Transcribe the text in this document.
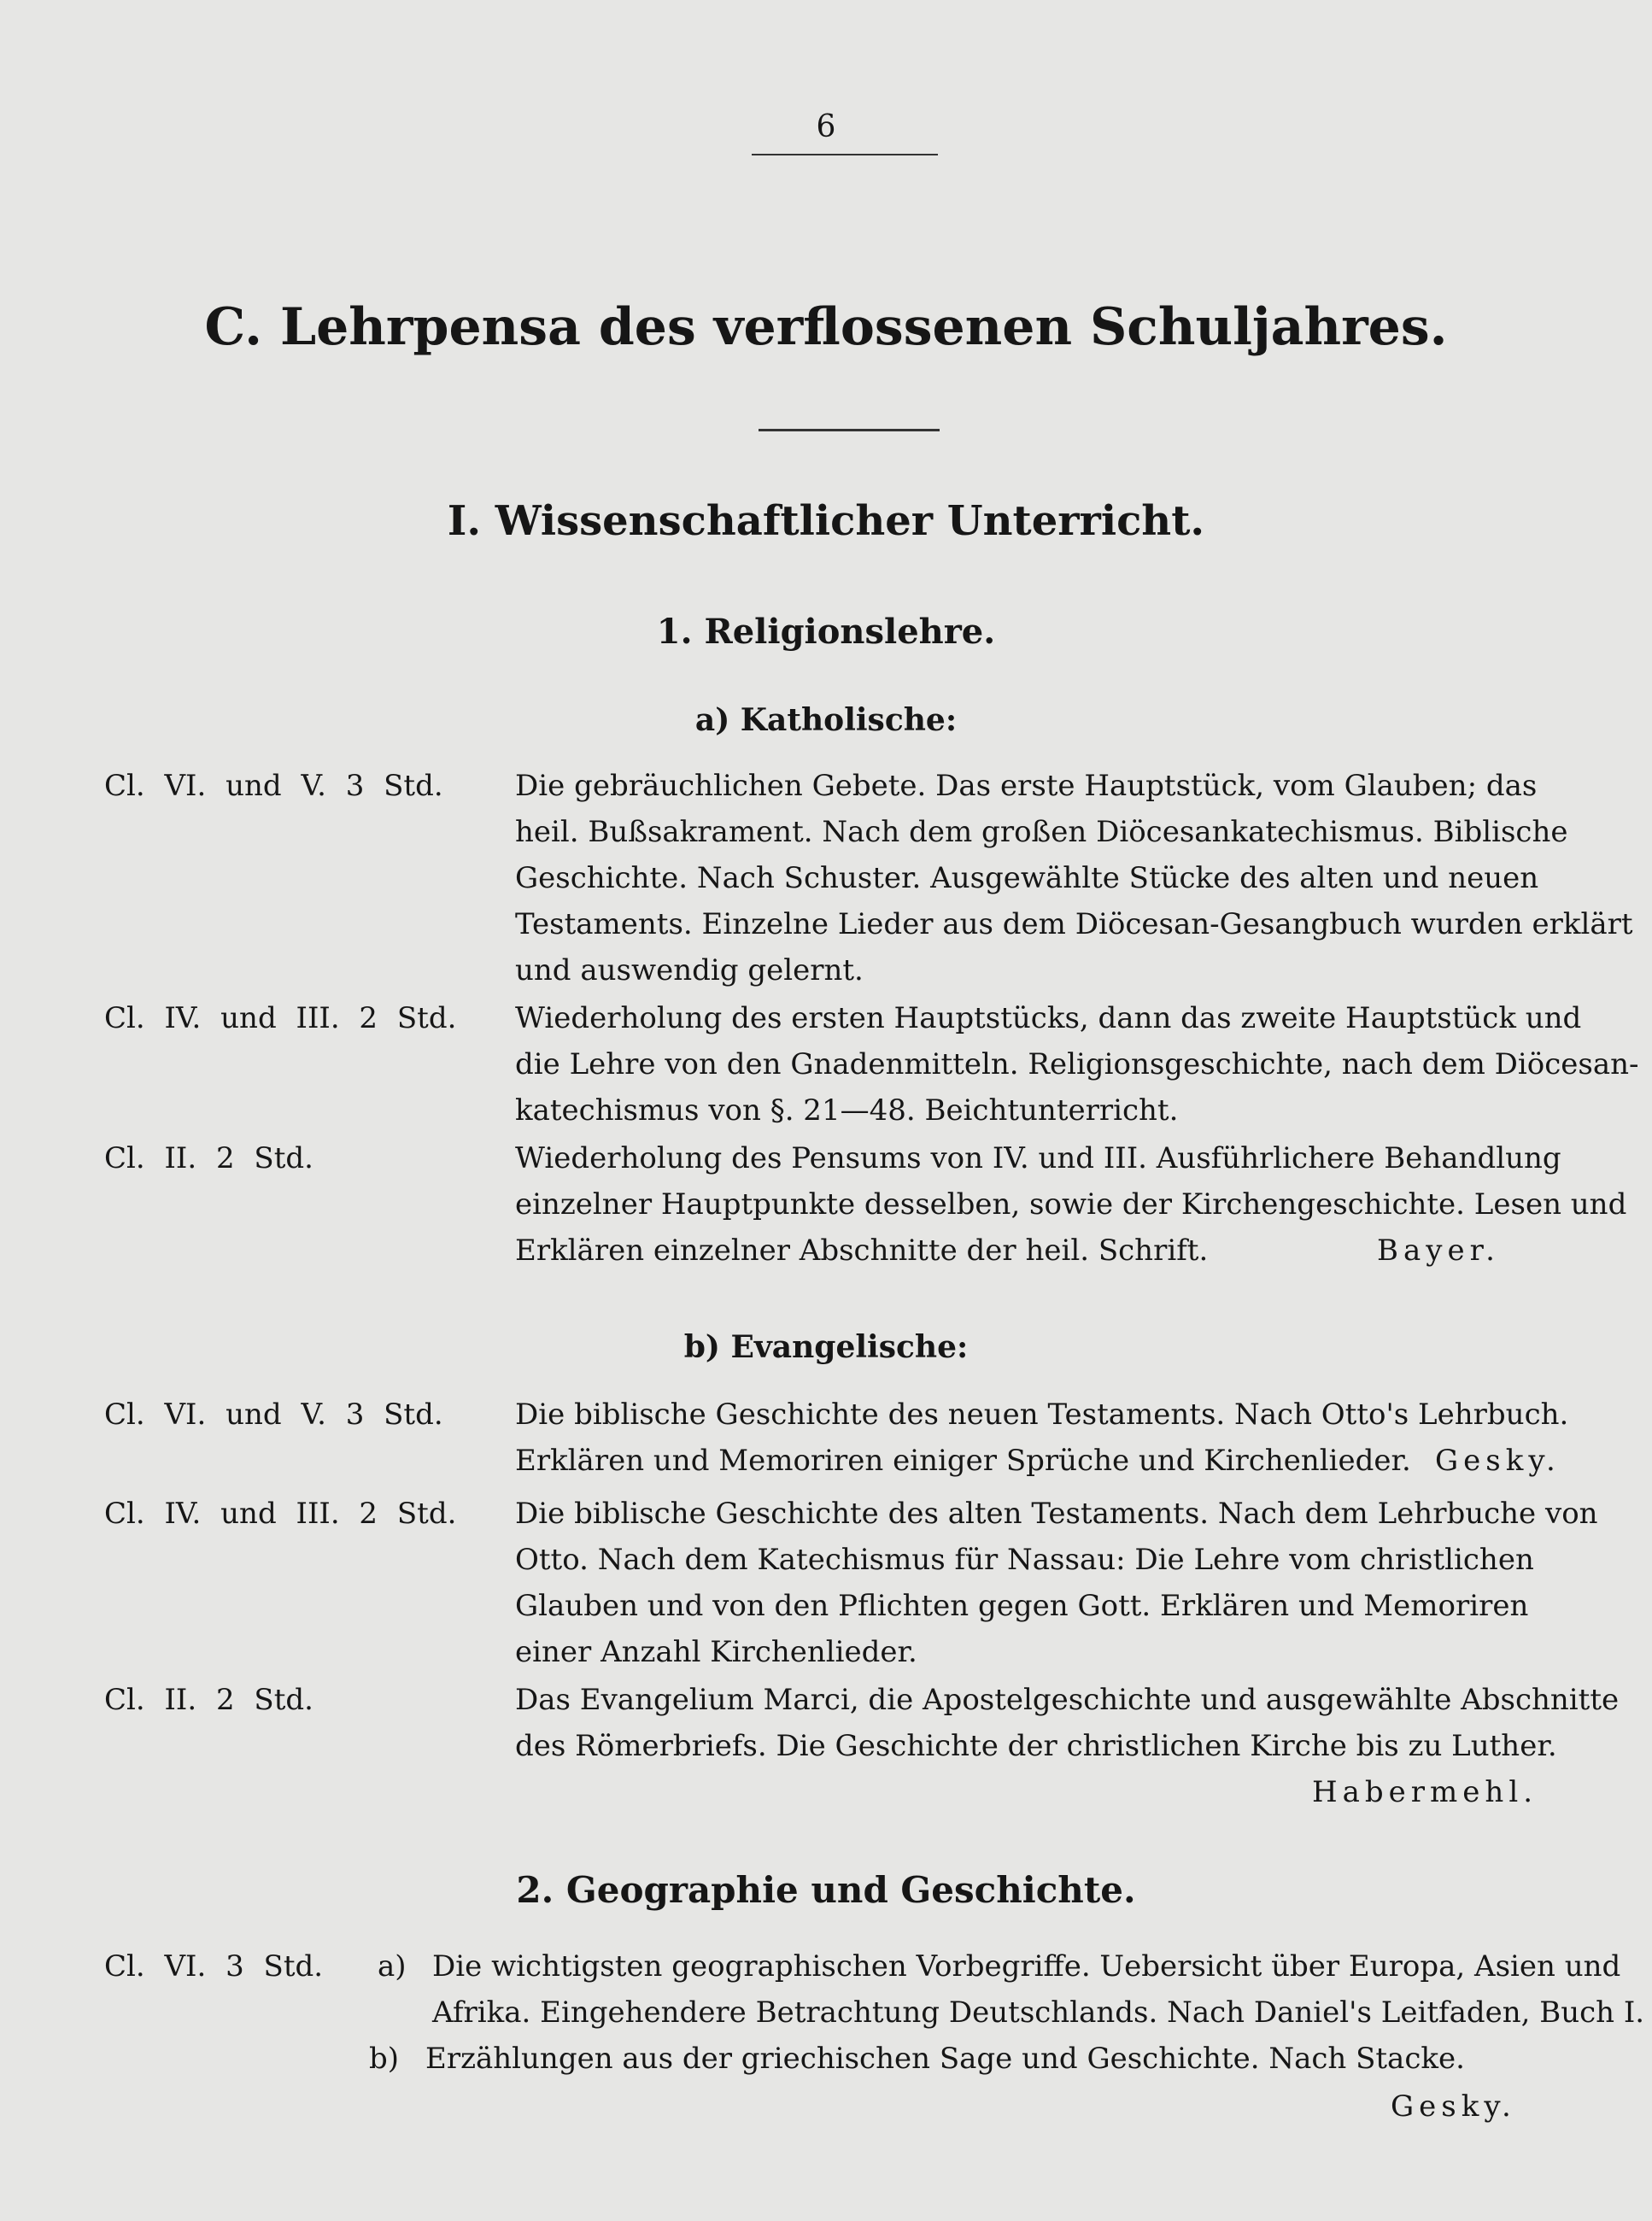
6
C. Lehrpensa des verflossenen Schuljahres.
I. Wissenschaftlicher Unterricht.
1. Religionslehre.
a) Katholische:
Cl. VI. und V. 3 Std. Die gebräuchlichen Gebete. Das erste Hauptstück, vom Glauben; das
heil. Bußsakrament. Nach dem großen Diöcesankatechismus. Biblische
Geschichte. Nach Schuster. Ausgewählte Stücke des alten und neuen
Testaments. Einzelne Lieder aus dem Diöcesan-Gesangbuch wurden erklärt
und auswendig gelernt.
Cl. IV. und III. 2 Std. Wiederholung des ersten Hauptstücks, dann das zweite Hauptstück und
die Lehre von den Gnadenmitteln. Religionsgeschichte, nach dem Diöcesan-
katechismus von §. 21—48. Beichtunterricht.
Cl. II. 2 Std.	Wiederholung des Pensums von IV. und III. Ausführlichere Behandlung
einzelner Hauptpunkte desselben, sowie der Kirchengeschichte. Lesen und
Erklären einzelner Abschnitte der heil. Schrift.	Bayer.
b) Evangelische:
Cl. VI. und V. 3 Std. Die biblische Geschichte des neuen Testaments. Nach Otto's Lehrbuch.
Erklären und Memoriren einiger Sprüche und Kirchenlieder. Gesky.
Cl. IV. und III. 2 Std. Die biblische Geschichte des alten Testaments. Nach dem Lehrbuche von
Otto. Nach dem Katechismus für Nassau: Die Lehre vom christlichen
Glauben und von den Pflichten gegen Gott. Erklären und Memoriren
einer Anzahl Kirchenlieder.
Cl. II. 2 Std.	Das Evangelium Marci, die Apostelgeschichte und ausgewählte Abschnitte
des Römerbriefs. Die Geschichte der christlichen Kirche bis zu Luther.
Habermehl.
2. Geographie und Geschichte.
Cl. VI. 3 Std. a) Die wichtigsten geographischen Vorbegriffe. Uebersicht über Europa, Asien und
Afrika. Eingehendere Betrachtung Deutschlands. Nach Daniel's Leitfaden, Buch I.
b) Erzählungen aus der griechischen Sage und Geschichte. Nach Stacke.
Gesky.
